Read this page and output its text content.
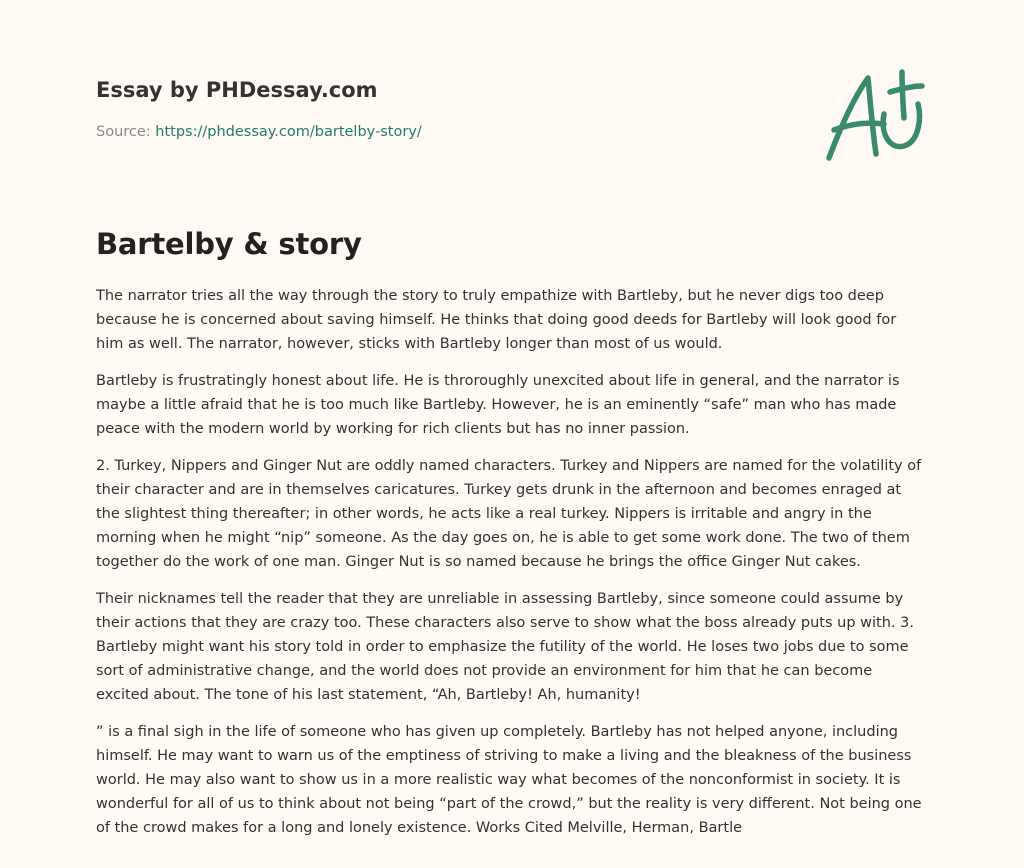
Essay by PHDessay.com
Source: https://phdessay.com/bartelby-story/
Bartelby & story

The narrator tries all the way through the story to truly empathize with Bartleby, but he never digs too deep because he is concerned about saving himself. He thinks that doing good deeds for Bartleby will look good for him as well. The narrator, however, sticks with Bartleby longer than most of us would.

Bartleby is frustratingly honest about life. He is throroughly unexcited about life in general, and the narrator is maybe a little afraid that he is too much like Bartleby. However, he is an eminently “safe” man who has made peace with the modern world by working for rich clients but has no inner passion.

2. Turkey, Nippers and Ginger Nut are oddly named characters. Turkey and Nippers are named for the volatility of their character and are in themselves caricatures. Turkey gets drunk in the afternoon and becomes enraged at the slightest thing thereafter; in other words, he acts like a real turkey. Nippers is irritable and angry in the morning when he might “nip” someone. As the day goes on, he is able to get some work done. The two of them together do the work of one man. Ginger Nut is so named because he brings the office Ginger Nut cakes.

Their nicknames tell the reader that they are unreliable in assessing Bartleby, since someone could assume by their actions that they are crazy too. These characters also serve to show what the boss already puts up with. 3. Bartleby might want his story told in order to emphasize the futility of the world. He loses two jobs due to some sort of administrative change, and the world does not provide an environment for him that he can become excited about. The tone of his last statement, “Ah, Bartleby! Ah, humanity!

” is a final sigh in the life of someone who has given up completely. Bartleby has not helped anyone, including himself. He may want to warn us of the emptiness of striving to make a living and the bleakness of the business world. He may also want to show us in a more realistic way what becomes of the nonconformist in society. It is wonderful for all of us to think about not being “part of the crowd,” but the reality is very different. Not being one of the crowd makes for a long and lonely existence. Works Cited Melville, Herman, Bartle
